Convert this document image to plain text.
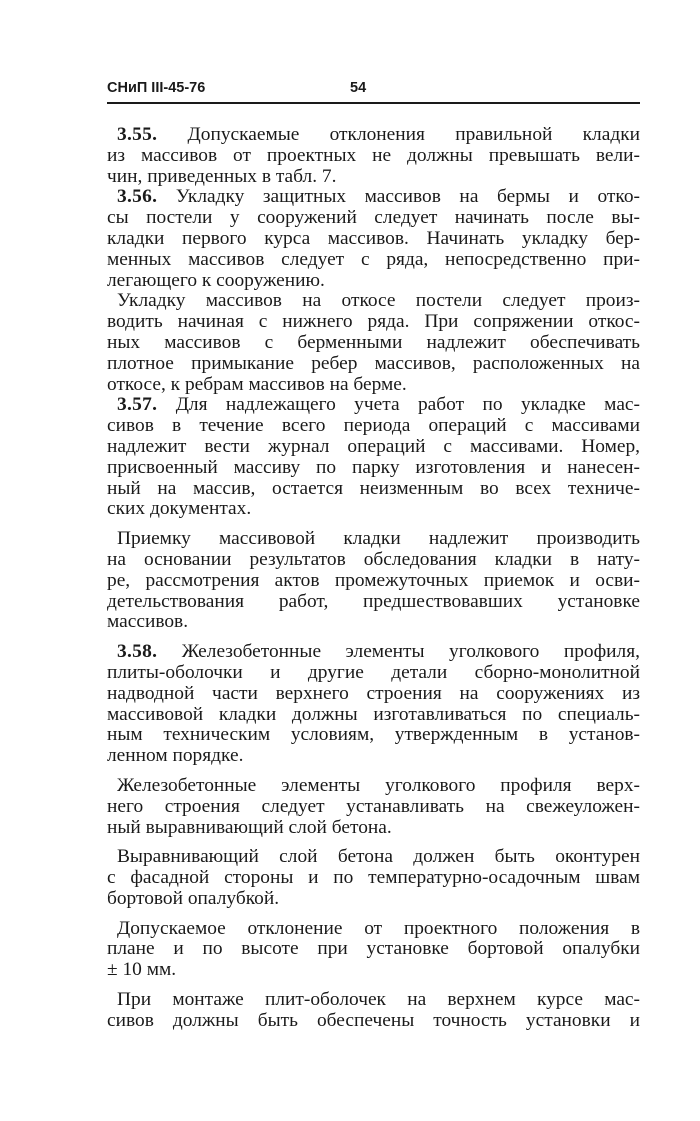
СНиП III-45-76	54
3.55. Допускаемые отклонения правильной кладки
из массивов от проектных не должны превышать вели-
чин, приведенных в табл. 7.
3.56. Укладку защитных массивов на бермы и отко-
сы постели у сооружений следует начинать после вы-
кладки первого курса массивов. Начинать укладку бер-
менных массивов следует с ряда, непосредственно при-
легающего к сооружению.
Укладку массивов на откосе постели следует произ-
водить начиная с нижнего ряда. При сопряжении откос-
ных массивов с берменными надлежит обеспечивать
плотное примыкание ребер массивов, расположенных на
откосе, к ребрам массивов на берме.
3.57. Для надлежащего учета работ по укладке мас-
сивов в течение всего периода операций с массивами
надлежит вести журнал операций с массивами. Номер,
присвоенный массиву по парку изготовления и нанесен-
ный на массив, остается неизменным во всех техниче-
ских документах.
Приемку массивовой кладки надлежит производить
на основании результатов обследования кладки в нату-
ре, рассмотрения актов промежуточных приемок и осви-
детельствования работ, предшествовавших установке
массивов.
3.58. Железобетонные элементы уголкового профиля,
плиты-оболочки и другие детали сборно-монолитной
надводной части верхнего строения на сооружениях из
массивовой кладки должны изготавливаться по специаль-
ным техническим условиям, утвержденным в установ-
ленном порядке.
Железобетонные элементы уголкового профиля верх-
него строения следует устанавливать на свежеуложен-
ный выравнивающий слой бетона.
Выравнивающий слой бетона должен быть оконтурен
с фасадной стороны и по температурно-осадочным швам
бортовой опалубкой.
Допускаемое отклонение от проектного положения в
плане и по высоте при установке бортовой опалубки
± 10 мм.
При монтаже плит-оболочек на верхнем курсе мас-
сивов должны быть обеспечены точность установки и
